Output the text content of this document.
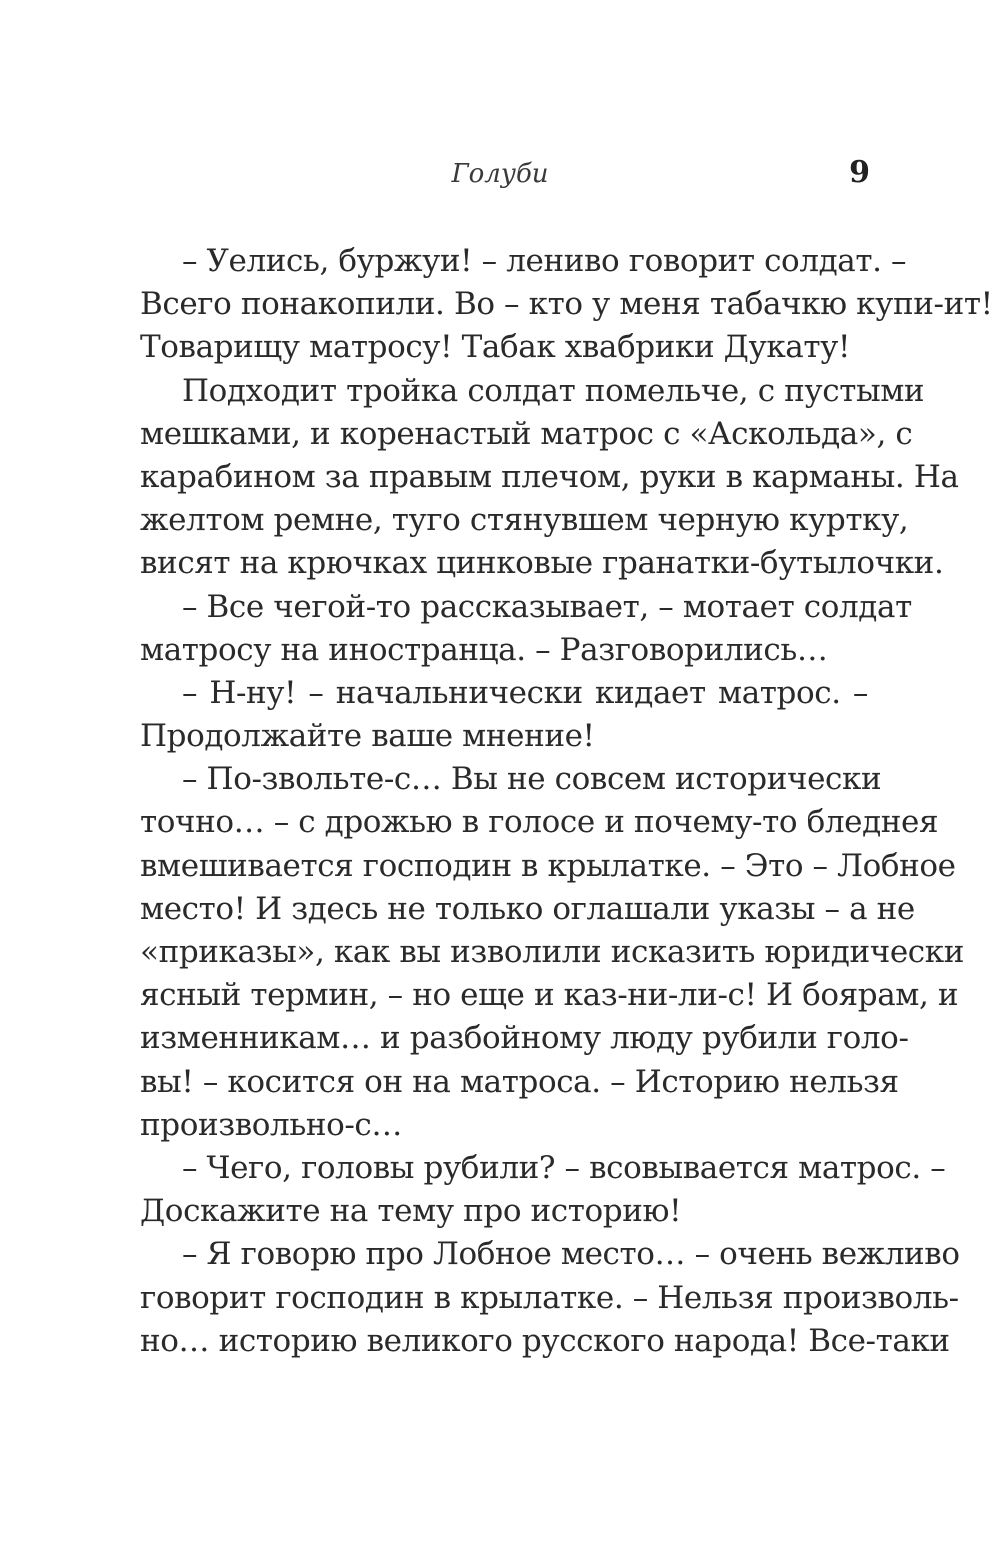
Голуби	9
– Уелись, буржуи! – лениво говорит солдат. –
Всего понакопили. Во – кто у меня табачкю купи-ит!
Товарищу матросу! Табак хвабрики Дукату!
Подходит тройка солдат помельче, с пустыми
мешками, и коренастый матрос с «Аскольда», с
карабином за правым плечом, руки в карманы. На
желтом ремне, туго стянувшем черную куртку,
висят на крючках цинковые гранатки-бутылочки.
– Все чегой-то рассказывает, – мотает солдат
матросу на иностранца. – Разговорились…
– Н-ну! – начальнически кидает матрос. –
Продолжайте ваше мнение!
– По-звольте-с… Вы не совсем исторически
точно… – с дрожью в голосе и почему-то бледнея
вмешивается господин в крылатке. – Это – Лобное
место! И здесь не только оглашали указы – а не
«приказы», как вы изволили исказить юридически
ясный термин, – но еще и каз-ни-ли-с! И боярам, и
изменникам… и разбойному люду рубили голо-
вы! – косится он на матроса. – Историю нельзя
произвольно-с…
– Чего, головы рубили? – всовывается матрос. –
Доскажите на тему про историю!
– Я говорю про Лобное место… – очень вежливо
говорит господин в крылатке. – Нельзя произволь-
но… историю великого русского народа! Все-таки
